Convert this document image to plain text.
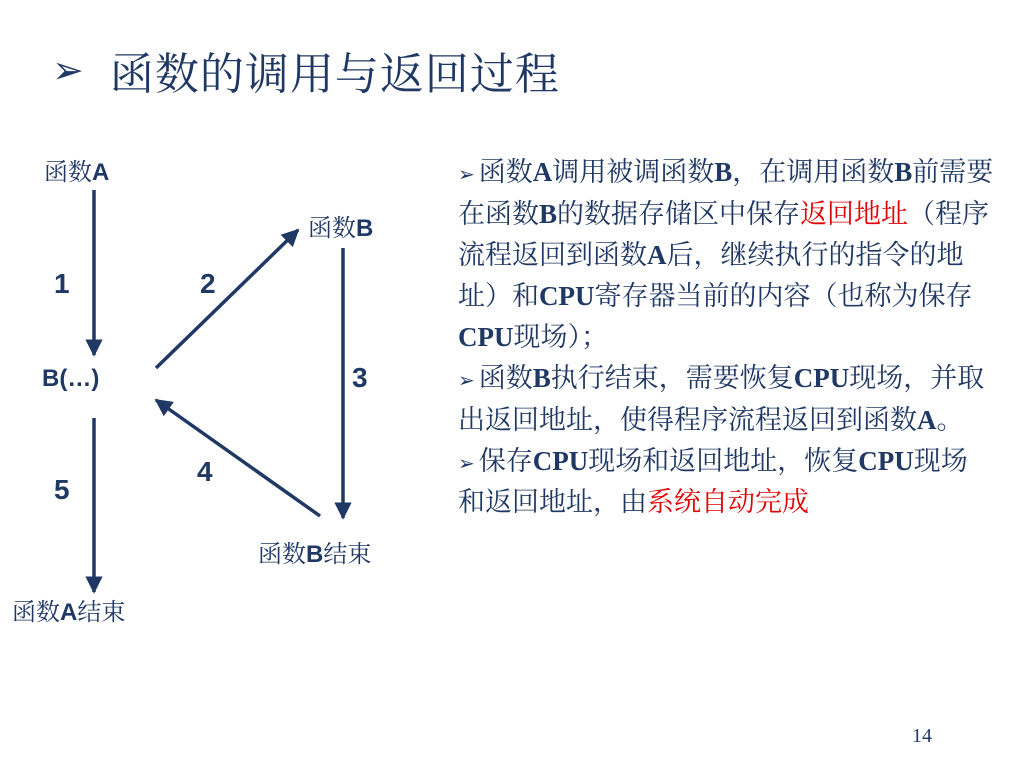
➢ 函数的调用与返回过程
函数A
函数B
B(…)
函数B结束
函数A结束
1	2
3
4
5

➢ 函数A调用被调函数B，在调用函数B前需要在函数B的数据存储区中保存返回地址（程序流程返回到函数A后，继续执行的指令的地址）和CPU寄存器当前的内容（也称为保存CPU现场）；

➢ 函数B执行结束，需要恢复CPU现场，并取出返回地址，使得程序流程返回到函数A。

➢ 保存CPU现场和返回地址，恢复CPU现场和返回地址，由系统自动完成

14
